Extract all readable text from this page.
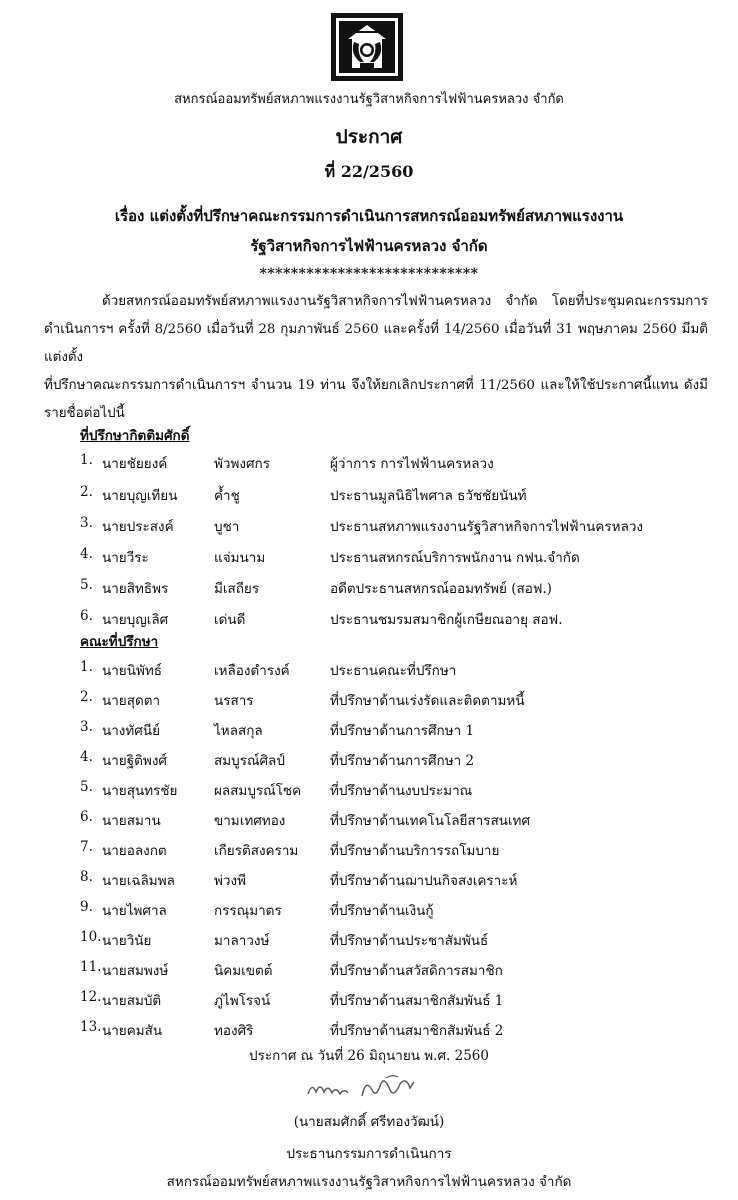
สหกรณ์ออมทรัพย์สหภาพแรงงานรัฐวิสาหกิจการไฟฟ้านครหลวง จำกัด
ประกาศ
ที่ 22/2560
เรื่อง แต่งตั้งที่ปรึกษาคณะกรรมการดำเนินการสหกรณ์ออมทรัพย์สหภาพแรงงาน
รัฐวิสาหกิจการไฟฟ้านครหลวง จำกัด
****************************
ด้วยสหกรณ์ออมทรัพย์สหภาพแรงงานรัฐวิสาหกิจการไฟฟ้านครหลวง จำกัด โดยที่ประชุมคณะกรรมการ
ดำเนินการฯ ครั้งที่ 8/2560 เมื่อวันที่ 28 กุมภาพันธ์ 2560 และครั้งที่ 14/2560 เมื่อวันที่ 31 พฤษภาคม 2560 มีมติแต่งตั้ง
ที่ปรึกษาคณะกรรมการดำเนินการฯ จำนวน 19 ท่าน จึงให้ยกเลิกประกาศที่ 11/2560 และให้ใช้ประกาศนี้แทน ดังมี
รายชื่อต่อไปนี้
ที่ปรึกษากิตติมศักดิ์
1. นายชัยยงค์	พัวพงศกร	ผู้ว่าการ การไฟฟ้านครหลวง
2. นายบุญเทียน	ค้ำชู	ประธานมูลนิธิไพศาล ธวัชชัยนันท์
3. นายประสงค์	บูชา	ประธานสหภาพแรงงานรัฐวิสาหกิจการไฟฟ้านครหลวง
4. นายวีระ	แจ่มนาม	ประธานสหกรณ์บริการพนักงาน กฟน.จำกัด
5. นายสิทธิพร	มีเสถียร	อดีตประธานสหกรณ์ออมทรัพย์ (สอฟ.)
6. นายบุญเลิศ	เด่นดี	ประธานชมรมสมาชิกผู้เกษียณอายุ สอฟ.
คณะที่ปรึกษา
1. นายนิพัทธ์	เหลืองดำรงค์	ประธานคณะที่ปรึกษา
2. นายสุดตา	นรสาร	ที่ปรึกษาด้านเร่งรัดและติดตามหนี้
3. นางทัศนีย์	ไหลสกุล	ที่ปรึกษาด้านการศึกษา 1
4. นายฐิติพงศ์	สมบูรณ์ศิลป์	ที่ปรึกษาด้านการศึกษา 2
5. นายสุนทรชัย	ผลสมบูรณ์โชค ที่ปรึกษาด้านงบประมาณ
6. นายสมาน	ขามเทศทอง	ที่ปรึกษาด้านเทคโนโลยีสารสนเทศ
7. นายอลงกต	เกียรติสงคราม ที่ปรึกษาด้านบริการรถโมบาย
8. นายเฉลิมพล	พ่วงพี	ที่ปรึกษาด้านฌาปนกิจสงเคราะห์
9. นายไพศาล	กรรณุมาตร	ที่ปรึกษาด้านเงินกู้
10. นายวินัย	มาลาวงษ์	ที่ปรึกษาด้านประชาสัมพันธ์
11. นายสมพงษ์	นิคมเขตต์	ที่ปรึกษาด้านสวัสดิการสมาชิก
12. นายสมบัติ	ภู่ไพโรจน์	ที่ปรึกษาด้านสมาชิกสัมพันธ์ 1
13. นายคมสัน	ทองศิริ	ที่ปรึกษาด้านสมาชิกสัมพันธ์ 2
ประกาศ ณ วันที่ 26 มิถุนายน พ.ศ. 2560
(นายสมศักดิ์ ศรีทองวัฒน์)
ประธานกรรมการดำเนินการ
สหกรณ์ออมทรัพย์สหภาพแรงงานรัฐวิสาหกิจการไฟฟ้านครหลวง จำกัด
